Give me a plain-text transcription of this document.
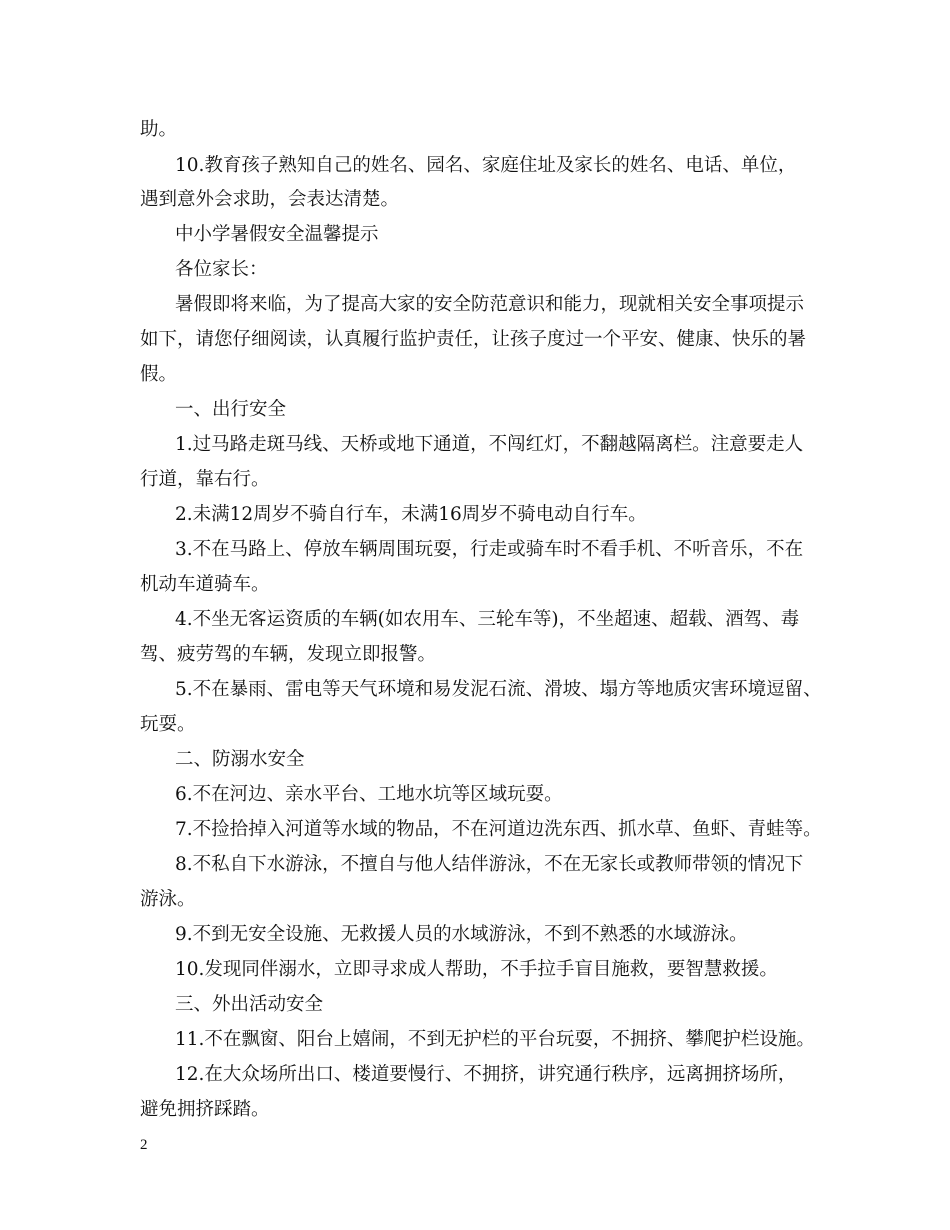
助。
10.教育孩子熟知自己的姓名、园名、家庭住址及家长的姓名、电话、单位，
遇到意外会求助，会表达清楚。
中小学暑假安全温馨提示
各位家长：
暑假即将来临，为了提高大家的安全防范意识和能力，现就相关安全事项提示
如下，请您仔细阅读，认真履行监护责任，让孩子度过一个平安、健康、快乐的暑
假。
一、出行安全
1.过马路走斑马线、天桥或地下通道，不闯红灯，不翻越隔离栏。注意要走人
行道，靠右行。
2.未满12周岁不骑自行车，未满16周岁不骑电动自行车。
3.不在马路上、停放车辆周围玩耍，行走或骑车时不看手机、不听音乐，不在
机动车道骑车。
4.不坐无客运资质的车辆(如农用车、三轮车等)，不坐超速、超载、酒驾、毒
驾、疲劳驾的车辆，发现立即报警。
5.不在暴雨、雷电等天气环境和易发泥石流、滑坡、塌方等地质灾害环境逗留、
玩耍。
二、防溺水安全
6.不在河边、亲水平台、工地水坑等区域玩耍。
7.不捡拾掉入河道等水域的物品，不在河道边洗东西、抓水草、鱼虾、青蛙等。
8.不私自下水游泳，不擅自与他人结伴游泳，不在无家长或教师带领的情况下
游泳。
9.不到无安全设施、无救援人员的水域游泳，不到不熟悉的水域游泳。
10.发现同伴溺水，立即寻求成人帮助，不手拉手盲目施救，要智慧救援。
三、外出活动安全
11.不在飘窗、阳台上嬉闹，不到无护栏的平台玩耍，不拥挤、攀爬护栏设施。
12.在大众场所出口、楼道要慢行、不拥挤，讲究通行秩序，远离拥挤场所，
避免拥挤踩踏。
2
